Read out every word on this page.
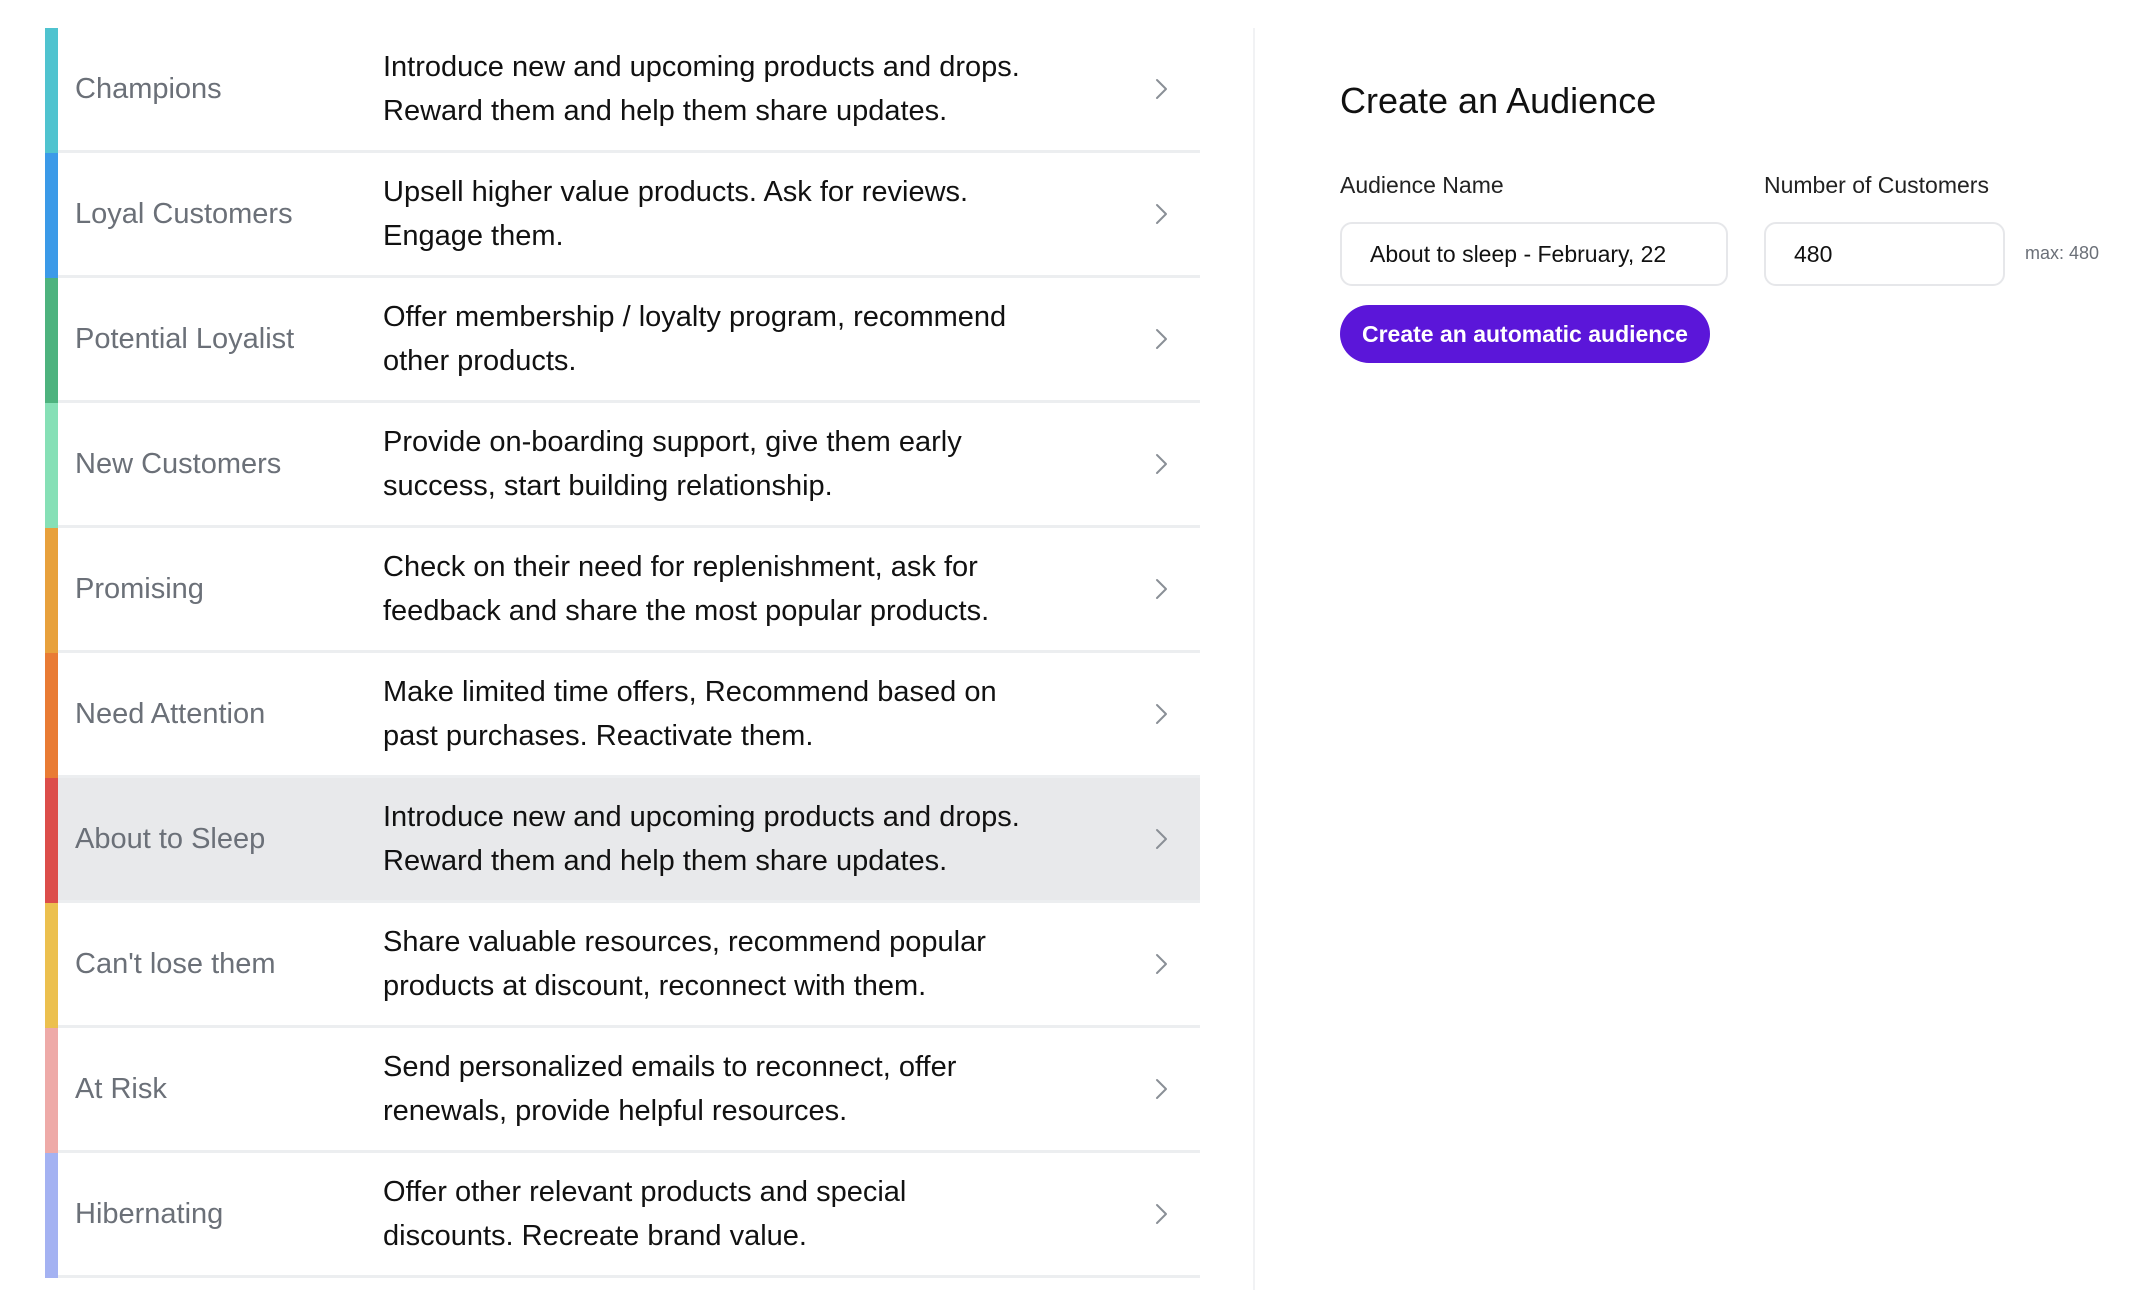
Champions
Introduce new and upcoming products and drops.
Reward them and help them share updates.
Loyal Customers
Upsell higher value products. Ask for reviews.
Engage them.
Potential Loyalist
Offer membership / loyalty program, recommend
other products.
New Customers
Provide on-boarding support, give them early
success, start building relationship.
Promising
Check on their need for replenishment, ask for
feedback and share the most popular products.
Need Attention
Make limited time offers, Recommend based on
past purchases. Reactivate them.
About to Sleep
Introduce new and upcoming products and drops.
Reward them and help them share updates.
Can't lose them
Share valuable resources, recommend popular
products at discount, reconnect with them.
At Risk
Send personalized emails to reconnect, offer
renewals, provide helpful resources.
Hibernating
Offer other relevant products and special
discounts. Recreate brand value.
Create an Audience
Audience Name	Number of Customers
About to sleep - February, 22
480
max: 480
Create an automatic audience
